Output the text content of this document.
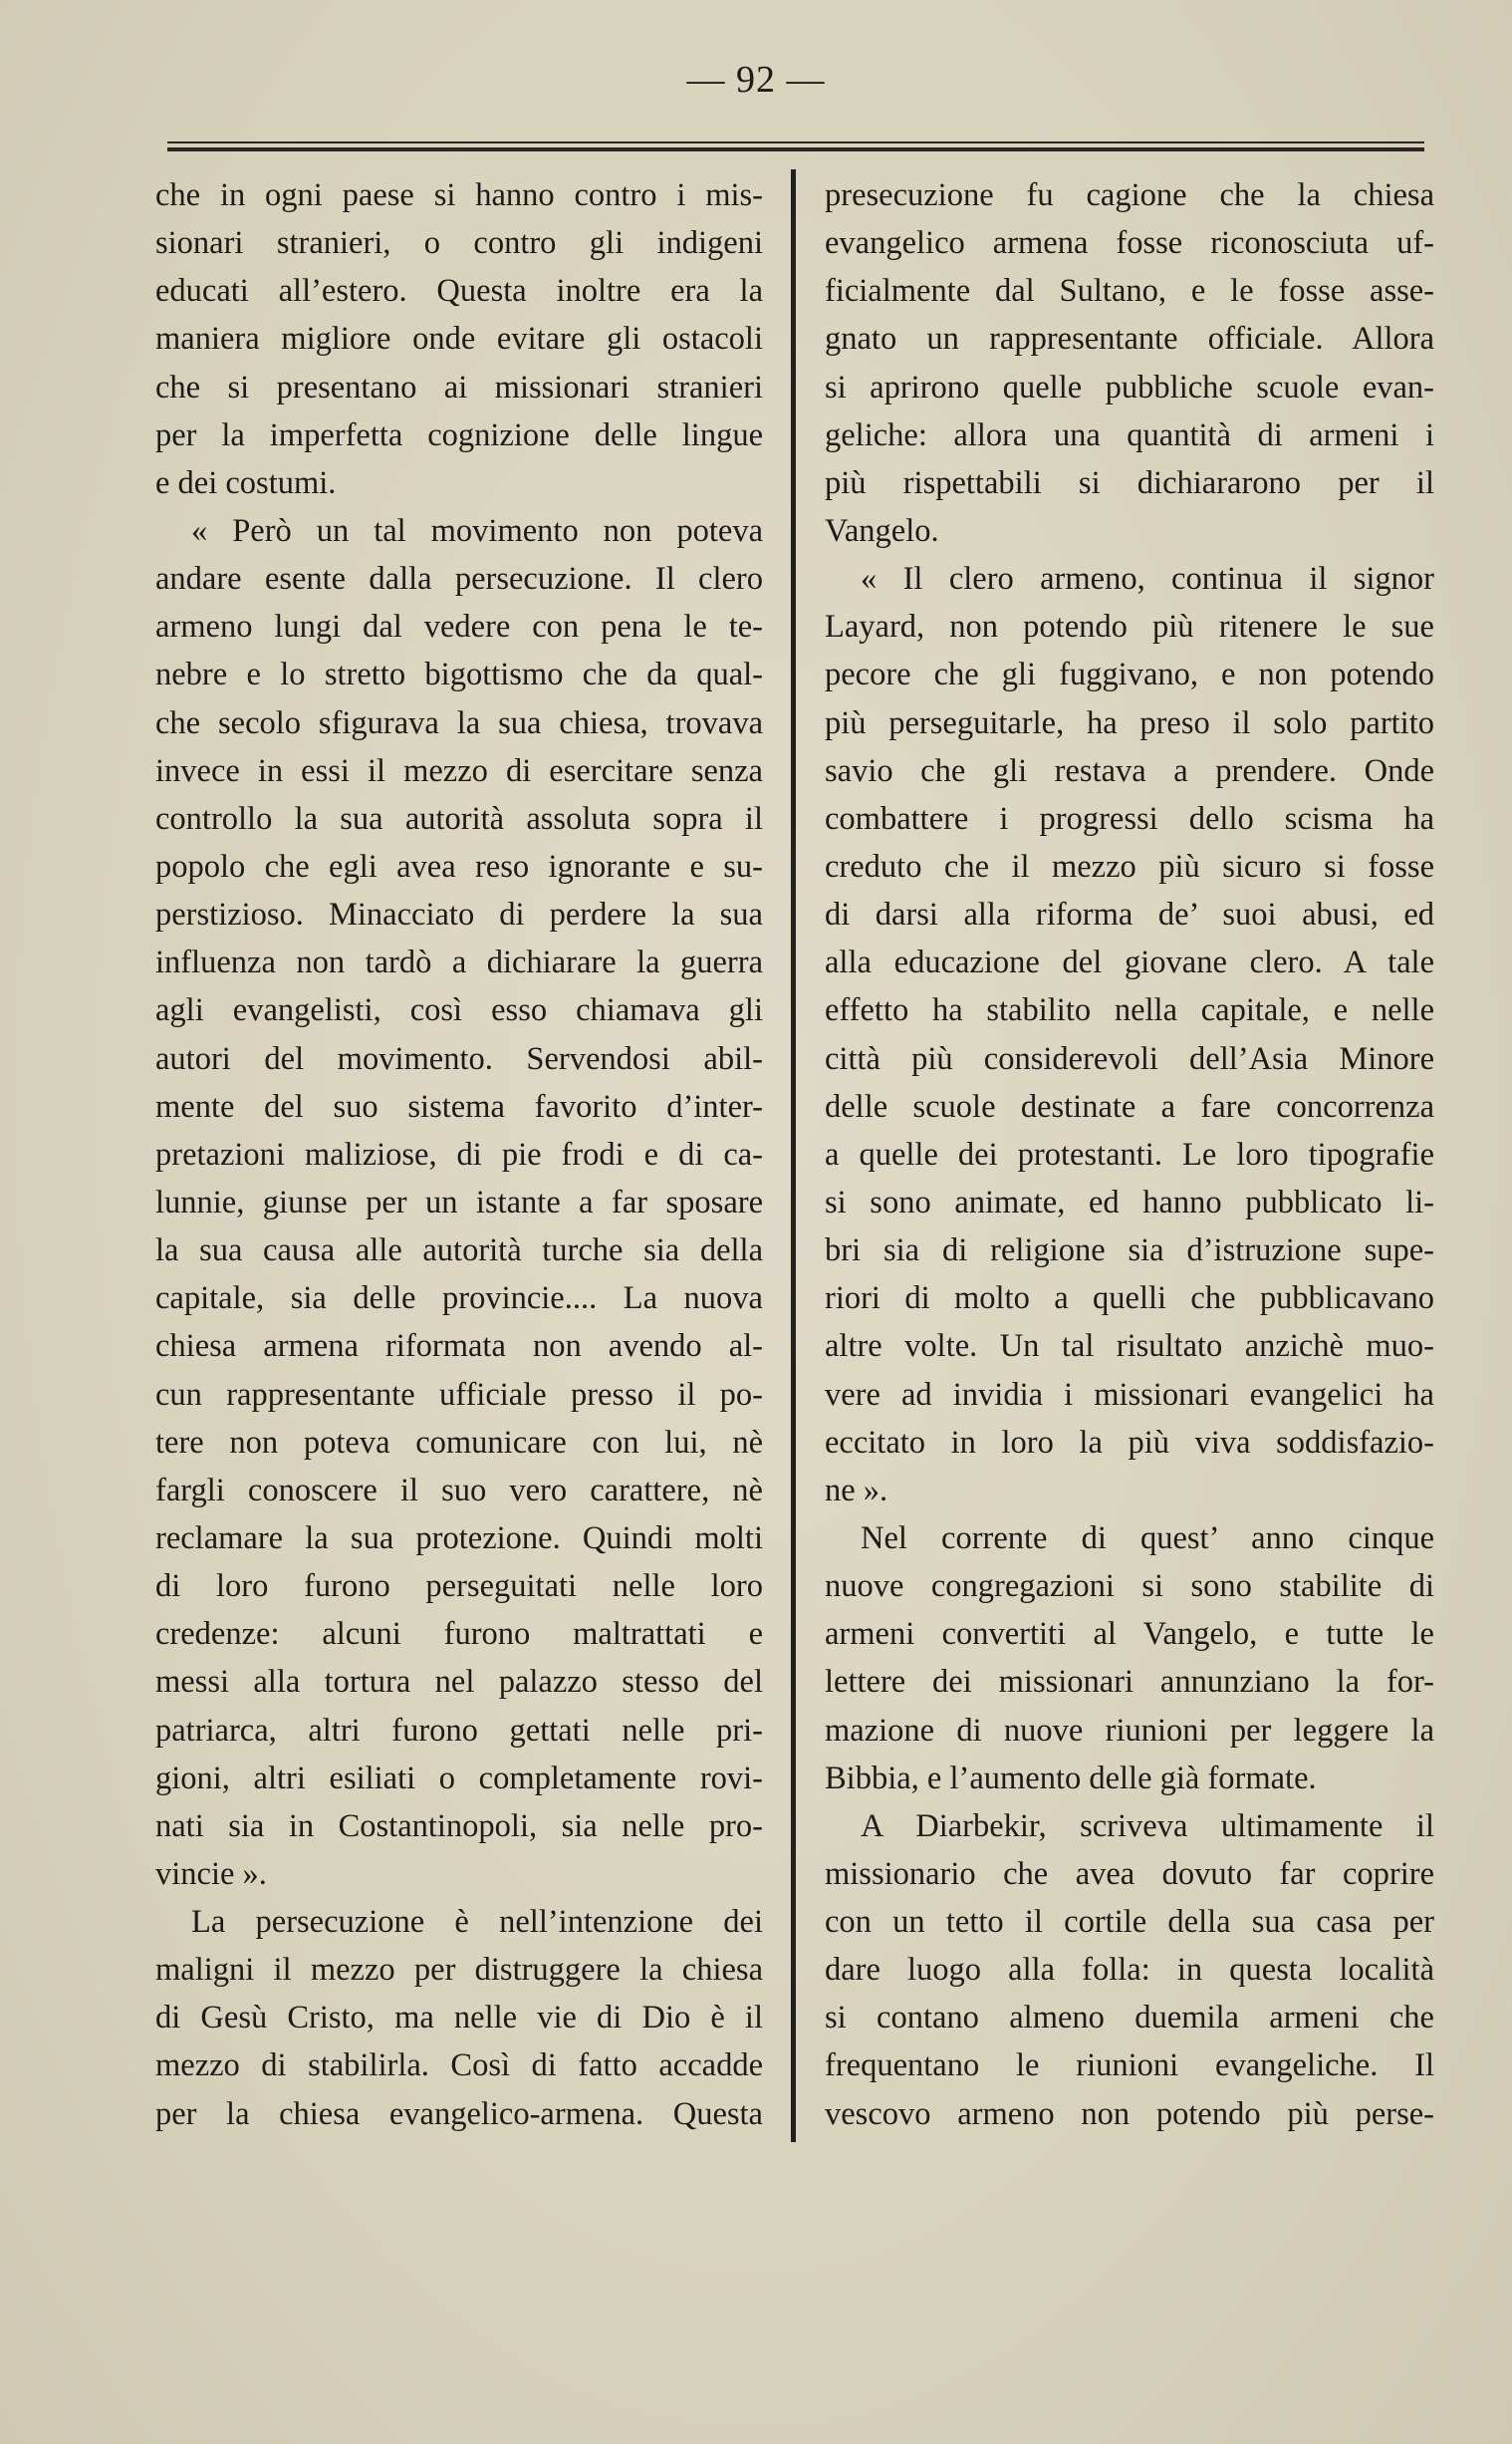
— 92 —
che in ogni paese si hanno contro i mis-
sionari stranieri, o contro gli indigeni
educati all’estero. Questa inoltre era la
maniera migliore onde evitare gli ostacoli
che si presentano ai missionari stranieri
per la imperfetta cognizione delle lingue
e dei costumi.
« Però un tal movimento non poteva
andare esente dalla persecuzione. Il clero
armeno lungi dal vedere con pena le te-
nebre e lo stretto bigottismo che da qual-
che secolo sfigurava la sua chiesa, trovava
invece in essi il mezzo di esercitare senza
controllo la sua autorità assoluta sopra il
popolo che egli avea reso ignorante e su-
perstizioso. Minacciato di perdere la sua
influenza non tardò a dichiarare la guerra
agli evangelisti, così esso chiamava gli
autori del movimento. Servendosi abil-
mente del suo sistema favorito d’inter-
pretazioni maliziose, di pie frodi e di ca-
lunnie, giunse per un istante a far sposare
la sua causa alle autorità turche sia della
capitale, sia delle provincie.... La nuova
chiesa armena riformata non avendo al-
cun rappresentante ufficiale presso il po-
tere non poteva comunicare con lui, nè
fargli conoscere il suo vero carattere, nè
reclamare la sua protezione. Quindi molti
di loro furono perseguitati nelle loro
credenze: alcuni furono maltrattati e
messi alla tortura nel palazzo stesso del
patriarca, altri furono gettati nelle pri-
gioni, altri esiliati o completamente rovi-
nati sia in Costantinopoli, sia nelle pro-
vincie ».
La persecuzione è nell’intenzione dei
maligni il mezzo per distruggere la chiesa
di Gesù Cristo, ma nelle vie di Dio è il
mezzo di stabilirla. Così di fatto accadde
per la chiesa evangelico-armena. Questa
presecuzione fu cagione che la chiesa
evangelico armena fosse riconosciuta uf-
ficialmente dal Sultano, e le fosse asse-
gnato un rappresentante officiale. Allora
si aprirono quelle pubbliche scuole evan-
geliche: allora una quantità di armeni i
più rispettabili si dichiararono per il
Vangelo.
« Il clero armeno, continua il signor
Layard, non potendo più ritenere le sue
pecore che gli fuggivano, e non potendo
più perseguitarle, ha preso il solo partito
savio che gli restava a prendere. Onde
combattere i progressi dello scisma ha
creduto che il mezzo più sicuro si fosse
di darsi alla riforma de’ suoi abusi, ed
alla educazione del giovane clero. A tale
effetto ha stabilito nella capitale, e nelle
città più considerevoli dell’Asia Minore
delle scuole destinate a fare concorrenza
a quelle dei protestanti. Le loro tipografie
si sono animate, ed hanno pubblicato li-
bri sia di religione sia d’istruzione supe-
riori di molto a quelli che pubblicavano
altre volte. Un tal risultato anzichè muo-
vere ad invidia i missionari evangelici ha
eccitato in loro la più viva soddisfazio-
ne ».
Nel corrente di quest’ anno cinque
nuove congregazioni si sono stabilite di
armeni convertiti al Vangelo, e tutte le
lettere dei missionari annunziano la for-
mazione di nuove riunioni per leggere la
Bibbia, e l’aumento delle già formate.
A Diarbekir, scriveva ultimamente il
missionario che avea dovuto far coprire
con un tetto il cortile della sua casa per
dare luogo alla folla: in questa località
si contano almeno duemila armeni che
frequentano le riunioni evangeliche. Il
vescovo armeno non potendo più perse-
